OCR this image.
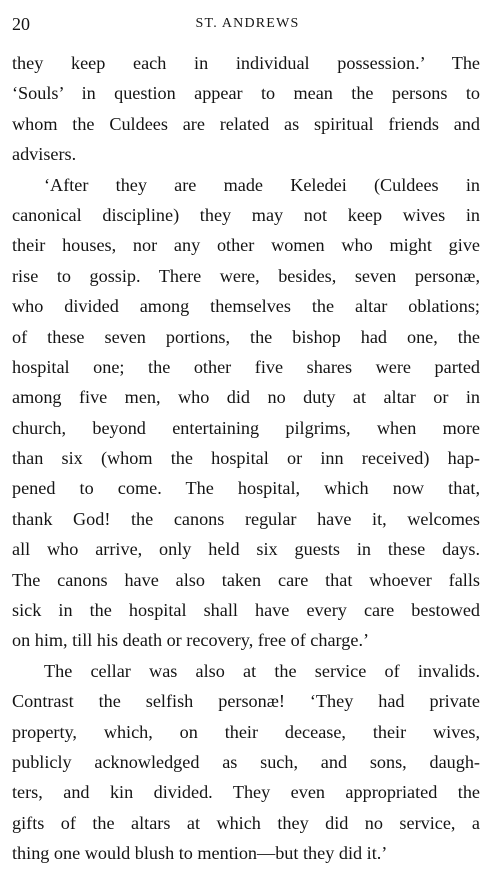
20	ST. ANDREWS
they keep each in individual possession.’ The
‘Souls’ in question appear to mean the persons to
whom the Culdees are related as spiritual friends and
advisers.
‘After they are made Keledei (Culdees in
canonical discipline) they may not keep wives in
their houses, nor any other women who might give
rise to gossip. There were, besides, seven personæ,
who divided among themselves the altar oblations;
of these seven portions, the bishop had one, the
hospital one; the other five shares were parted
among five men, who did no duty at altar or in
church, beyond entertaining pilgrims, when more
than six (whom the hospital or inn received) hap-
pened to come. The hospital, which now that,
thank God! the canons regular have it, welcomes
all who arrive, only held six guests in these days.
The canons have also taken care that whoever falls
sick in the hospital shall have every care bestowed
on him, till his death or recovery, free of charge.’
The cellar was also at the service of invalids.
Contrast the selfish personæ! ‘They had private
property, which, on their decease, their wives,
publicly acknowledged as such, and sons, daugh-
ters, and kin divided. They even appropriated the
gifts of the altars at which they did no service, a
thing one would blush to mention—but they did it.’
